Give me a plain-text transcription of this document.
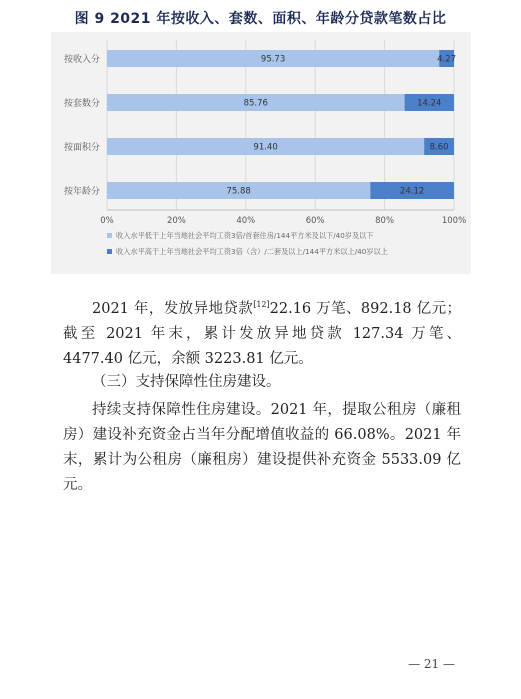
图 9 2021 年按收入、套数、面积、年龄分贷款笔数占比
按收入分	95.73	4.27
按套数分	85.76	14.24
按面积分	91.40	8.60
按年龄分	75.88	24.12
0%	20%	40%	60%	80%	100%
收入水平低于上年当地社会平均工资3倍/首套住房/144平方米及以下/40岁及以下
收入水平高于上年当地社会平均工资3倍（含）/二套及以上/144平方米以上/40岁以上

2021 年，发放异地贷款[12]22.16 万笔、892.18 亿元；截至 2021 年末，累计发放异地贷款 127.34 万笔、4477.40 亿元，余额 3223.81 亿元。

（三）支持保障性住房建设。

持续支持保障性住房建设。2021 年，提取公租房（廉租房）建设补充资金占当年分配增值收益的 66.08%。2021 年末，累计为公租房（廉租房）建设提供补充资金 5533.09 亿元。

— 21 —
